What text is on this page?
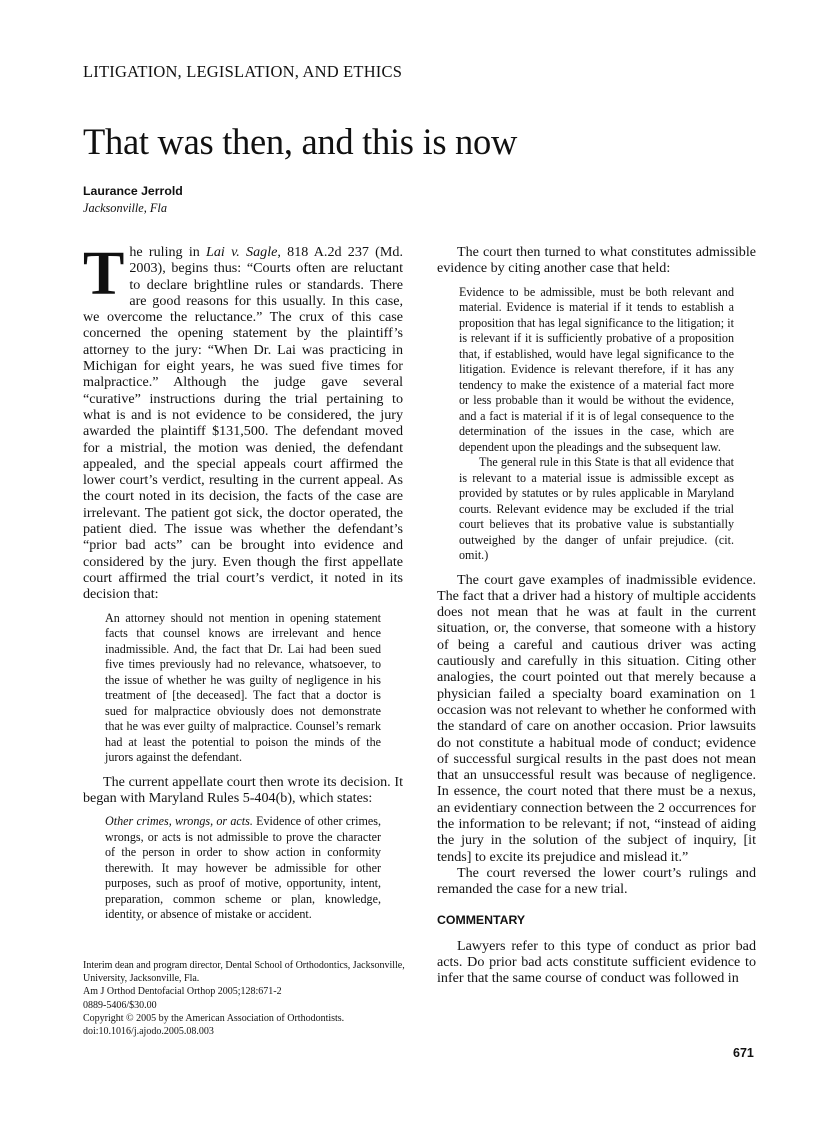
LITIGATION, LEGISLATION, AND ETHICS
That was then, and this is now
Laurance Jerrold
Jacksonville, Fla

The ruling in Lai v. Sagle, 818 A.2d 237 (Md. 2003), begins thus: “Courts often are reluctant to declare brightline rules or standards. There are good reasons for this usually. In this case, we overcome the reluctance.” The crux of this case concerned the opening statement by the plaintiff’s attorney to the jury: “When Dr. Lai was practicing in Michigan for eight years, he was sued five times for malpractice.” Although the judge gave several “curative” instructions during the trial pertaining to what is and is not evidence to be considered, the jury awarded the plaintiff $131,500. The defendant moved for a mistrial, the motion was denied, the defendant appealed, and the special appeals court affirmed the lower court’s verdict, resulting in the current appeal. As the court noted in its decision, the facts of the case are irrelevant. The patient got sick, the doctor operated, the patient died. The issue was whether the defendant’s “prior bad acts” can be brought into evidence and considered by the jury. Even though the first appellate court affirmed the trial court’s verdict, it noted in its decision that:

An attorney should not mention in opening statement facts that counsel knows are irrelevant and hence inadmissible. And, the fact that Dr. Lai had been sued five times previously had no relevance, whatsoever, to the issue of whether he was guilty of negligence in his treatment of [the deceased]. The fact that a doctor is sued for malpractice obviously does not demonstrate that he was ever guilty of malpractice. Counsel’s remark had at least the potential to poison the minds of the jurors against the defendant.

The current appellate court then wrote its decision. It began with Maryland Rules 5-404(b), which states:

Other crimes, wrongs, or acts. Evidence of other crimes, wrongs, or acts is not admissible to prove the character of the person in order to show action in conformity therewith. It may however be admissible for other purposes, such as proof of motive, opportunity, intent, preparation, common scheme or plan, knowledge, identity, or absence of mistake or accident.

Interim dean and program director, Dental School of Orthodontics, Jacksonville, University, Jacksonville, Fla.
Am J Orthod Dentofacial Orthop 2005;128:671-2
0889-5406/$30.00
Copyright © 2005 by the American Association of Orthodontists.
doi:10.1016/j.ajodo.2005.08.003

The court then turned to what constitutes admissible evidence by citing another case that held:

Evidence to be admissible, must be both relevant and material. Evidence is material if it tends to establish a proposition that has legal significance to the litigation; it is relevant if it is sufficiently probative of a proposition that, if established, would have legal significance to the litigation. Evidence is relevant therefore, if it has any tendency to make the existence of a material fact more or less probable than it would be without the evidence, and a fact is material if it is of legal consequence to the determination of the issues in the case, which are dependent upon the pleadings and the subsequent law.
The general rule in this State is that all evidence that is relevant to a material issue is admissible except as provided by statutes or by rules applicable in Maryland courts. Relevant evidence may be excluded if the trial court believes that its probative value is substantially outweighed by the danger of unfair prejudice. (cit. omit.)

The court gave examples of inadmissible evidence. The fact that a driver had a history of multiple accidents does not mean that he was at fault in the current situation, or, the converse, that someone with a history of being a careful and cautious driver was acting cautiously and carefully in this situation. Citing other analogies, the court pointed out that merely because a physician failed a specialty board examination on 1 occasion was not relevant to whether he conformed with the standard of care on another occasion. Prior lawsuits do not constitute a habitual mode of conduct; evidence of successful surgical results in the past does not mean that an unsuccessful result was because of negligence. In essence, the court noted that there must be a nexus, an evidentiary connection between the 2 occurrences for the information to be relevant; if not, “instead of aiding the jury in the solution of the subject of inquiry, [it tends] to excite its prejudice and mislead it.”

The court reversed the lower court’s rulings and remanded the case for a new trial.

COMMENTARY

Lawyers refer to this type of conduct as prior bad acts. Do prior bad acts constitute sufficient evidence to infer that the same course of conduct was followed in

671
